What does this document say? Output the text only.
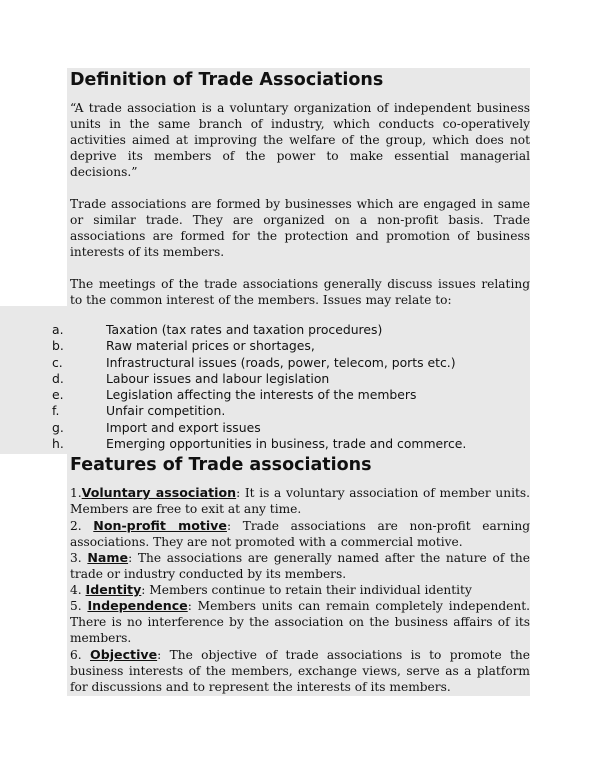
Definition of Trade Associations

“A trade association is a voluntary organization of independent business units in the same branch of industry, which conducts co-operatively activities aimed at improving the welfare of the group, which does not deprive its members of the power to make essential managerial decisions.”

Trade associations are formed by businesses which are engaged in same or similar trade. They are organized on a non-profit basis. Trade associations are formed for the protection and promotion of business interests of its members.

The meetings of the trade associations generally discuss issues relating to the common interest of the members. Issues may relate to:

a.	Taxation (tax rates and taxation procedures)
b.	Raw material prices or shortages,
c.	Infrastructural issues (roads, power, telecom, ports etc.)
d.	Labour issues and labour legislation
e.	Legislation affecting the interests of the members
f.	Unfair competition.
g.	Import and export issues
h.	Emerging opportunities in business, trade and commerce.
Features of Trade associations

1.Voluntary association: It is a voluntary association of member units. Members are free to exit at any time.

2. Non-profit motive: Trade associations are non-profit earning associations. They are not promoted with a commercial motive.

3. Name: The associations are generally named after the nature of the trade or industry conducted by its members.

4. Identity: Members continue to retain their individual identity

5. Independence: Members units can remain completely independent. There is no interference by the association on the business affairs of its members.

6. Objective: The objective of trade associations is to promote the business interests of the members, exchange views, serve as a platform for discussions and to represent the interests of its members.
